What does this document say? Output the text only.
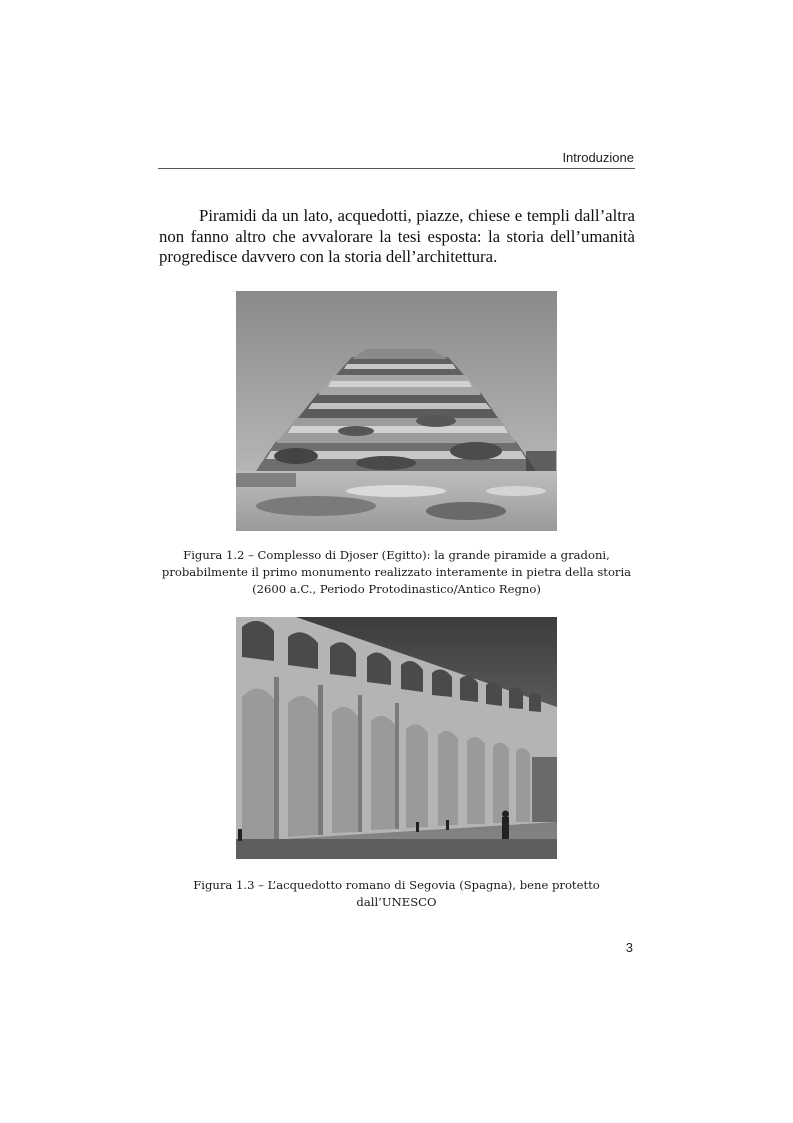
Introduzione

Piramidi da un lato, acquedotti, piazze, chiese e templi dall’altra non fanno altro che avvalorare la tesi esposta: la storia dell’umanità progredisce davvero con la storia dell’architettura.

Figura 1.2 – Complesso di Djoser (Egitto): la grande piramide a gradoni,
probabilmente il primo monumento realizzato interamente in pietra della storia
(2600 a.C., Periodo Protodinastico/Antico Regno)
Figura 1.3 – L’acquedotto romano di Segovia (Spagna), bene protetto dall’UNESCO
3
